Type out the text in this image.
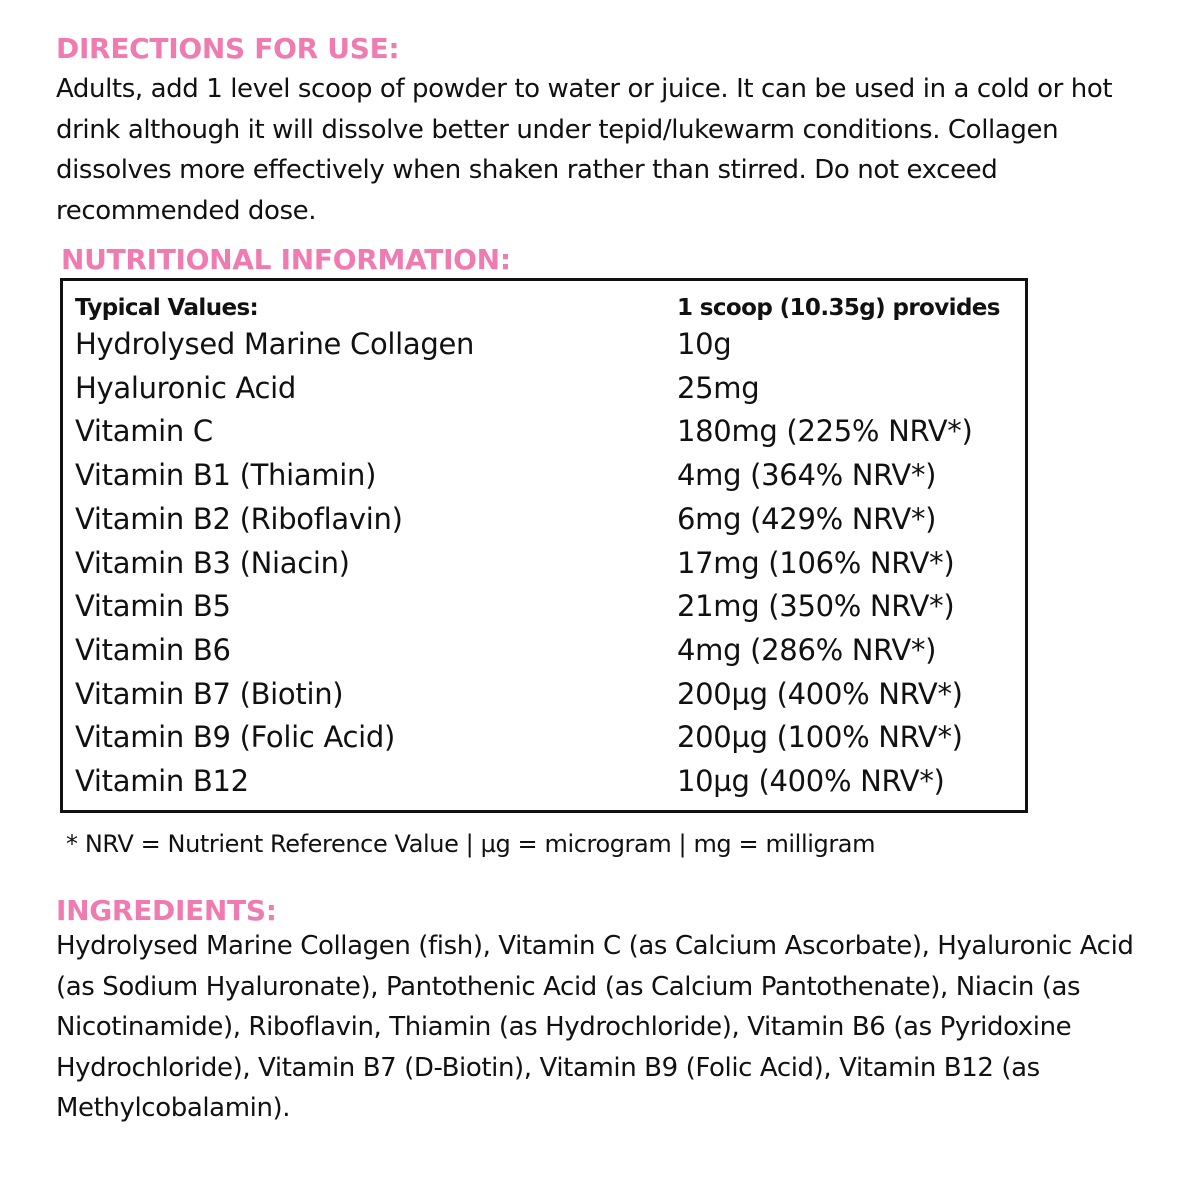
DIRECTIONS FOR USE:

Adults, add 1 level scoop of powder to water or juice. It can be used in a cold or hot drink although it will dissolve better under tepid/lukewarm conditions. Collagen dissolves more effectively when shaken rather than stirred. Do not exceed recommended dose.

NUTRITIONAL INFORMATION:
Typical Values:	1 scoop (10.35g) provides
Hydrolysed Marine Collagen	10g
Hyaluronic Acid	25mg
Vitamin C	180mg (225% NRV*)
Vitamin B1 (Thiamin)	4mg (364% NRV*)
Vitamin B2 (Riboflavin)	6mg (429% NRV*)
Vitamin B3 (Niacin)	17mg (106% NRV*)
Vitamin B5	21mg (350% NRV*)
Vitamin B6	4mg (286% NRV*)
Vitamin B7 (Biotin)	200µg (400% NRV*)
Vitamin B9 (Folic Acid)	200µg (100% NRV*)
Vitamin B12	10µg (400% NRV*)
* NRV = Nutrient Reference Value | µg = microgram | mg = milligram
INGREDIENTS:

Hydrolysed Marine Collagen (fish), Vitamin C (as Calcium Ascorbate), Hyaluronic Acid (as Sodium Hyaluronate), Pantothenic Acid (as Calcium Pantothenate), Niacin (as Nicotinamide), Riboflavin, Thiamin (as Hydrochloride), Vitamin B6 (as Pyridoxine Hydrochloride), Vitamin B7 (D-Biotin), Vitamin B9 (Folic Acid), Vitamin B12 (as Methylcobalamin).
